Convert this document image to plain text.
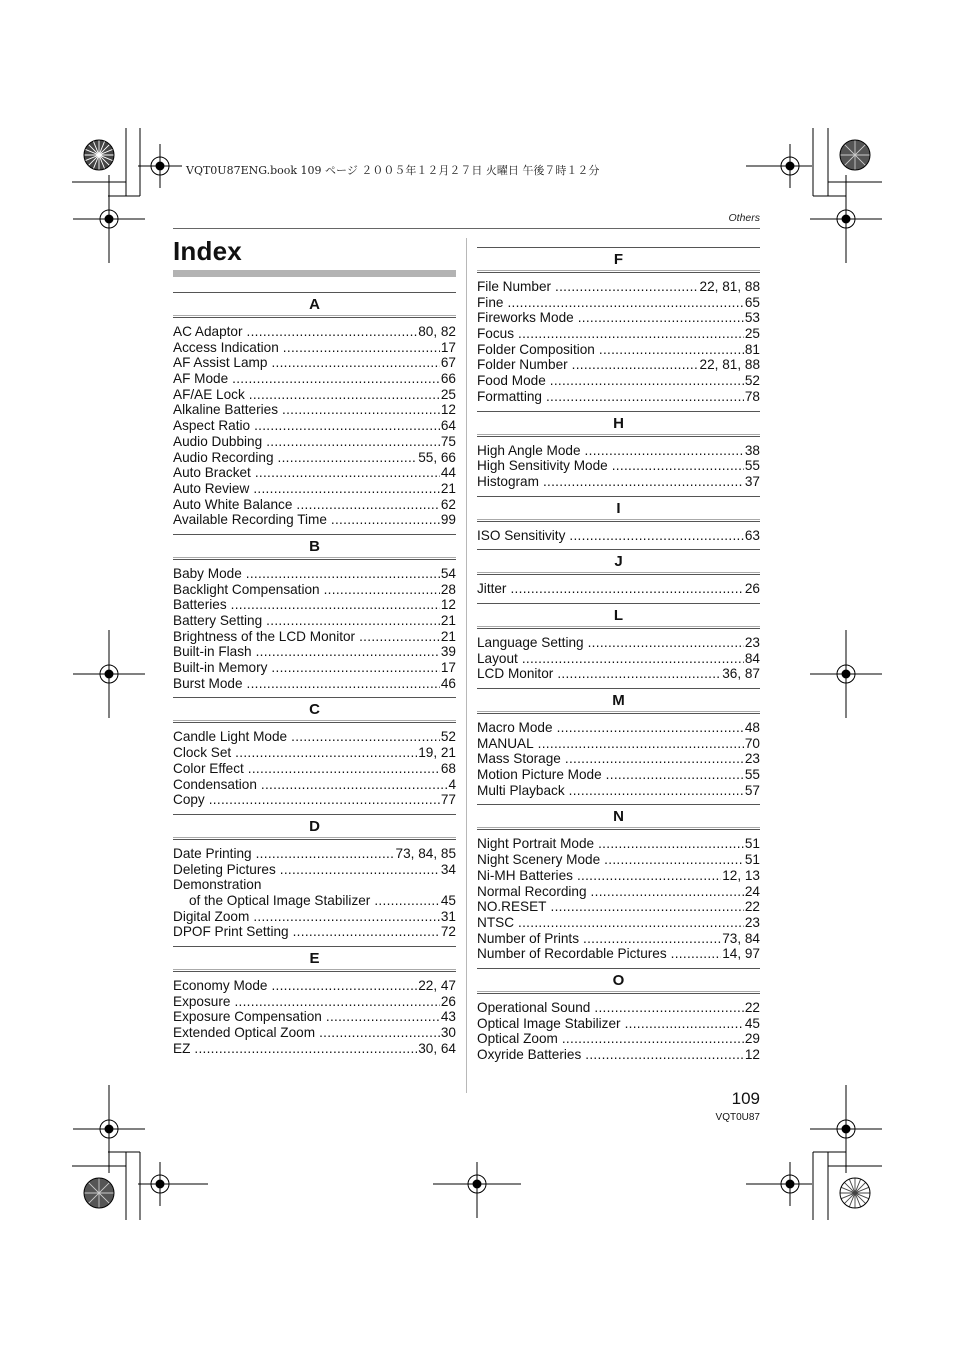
VQT0U87ENG.book 109 ページ ２００５年１２月２７日 火曜日 午後７時１２分
Others
Index
A
AC Adaptor .....	80, 82
Access Indication .....	17
AF Assist Lamp .....	67
AF Mode .....	66
AF/AE Lock .....	25
Alkaline Batteries .....	12
Aspect Ratio .....	64
Audio Dubbing .....	75
Audio Recording .....	55, 66
Auto Bracket .....	44
Auto Review .....	21
Auto White Balance .....	62
Available Recording Time .....	99
B
Baby Mode .....	54
Backlight Compensation .....	28
Batteries .....	12
Battery Setting .....	21
Brightness of the LCD Monitor .....	21
Built-in Flash .....	39
Built-in Memory .....	17
Burst Mode .....	46
C
Candle Light Mode .....	52
Clock Set .....	19, 21
Color Effect .....	68
Condensation .....	4
Copy .....	77
D
Date Printing .....	73, 84, 85
Deleting Pictures .....	34
Demonstration
of the Optical Image Stabilizer .....	45
Digital Zoom .....	31
DPOF Print Setting .....	72
E
Economy Mode .....	22, 47
Exposure .....	26
Exposure Compensation .....	43
Extended Optical Zoom .....	30
EZ .....	30, 64
F
File Number .....	22, 81, 88
Fine .....	65
Fireworks Mode .....	53
Focus .....	25
Folder Composition .....	81
Folder Number .....	22, 81, 88
Food Mode .....	52
Formatting .....	78
H
High Angle Mode .....	38
High Sensitivity Mode .....	55
Histogram .....	37
I
ISO Sensitivity .....	63
J
Jitter .....	26
L
Language Setting .....	23
Layout .....	84
LCD Monitor .....	36, 87
M
Macro Mode .....	48
MANUAL .....	70
Mass Storage .....	23
Motion Picture Mode .....	55
Multi Playback .....	57
N
Night Portrait Mode .....	51
Night Scenery Mode .....	51
Ni-MH Batteries .....	12, 13
Normal Recording .....	24
NO.RESET .....	22
NTSC .....	23
Number of Prints .....	73, 84
Number of Recordable Pictures .....	14, 97
O
Operational Sound .....	22
Optical Image Stabilizer .....	45
Optical Zoom .....	29
Oxyride Batteries .....	12
109
VQT0U87
